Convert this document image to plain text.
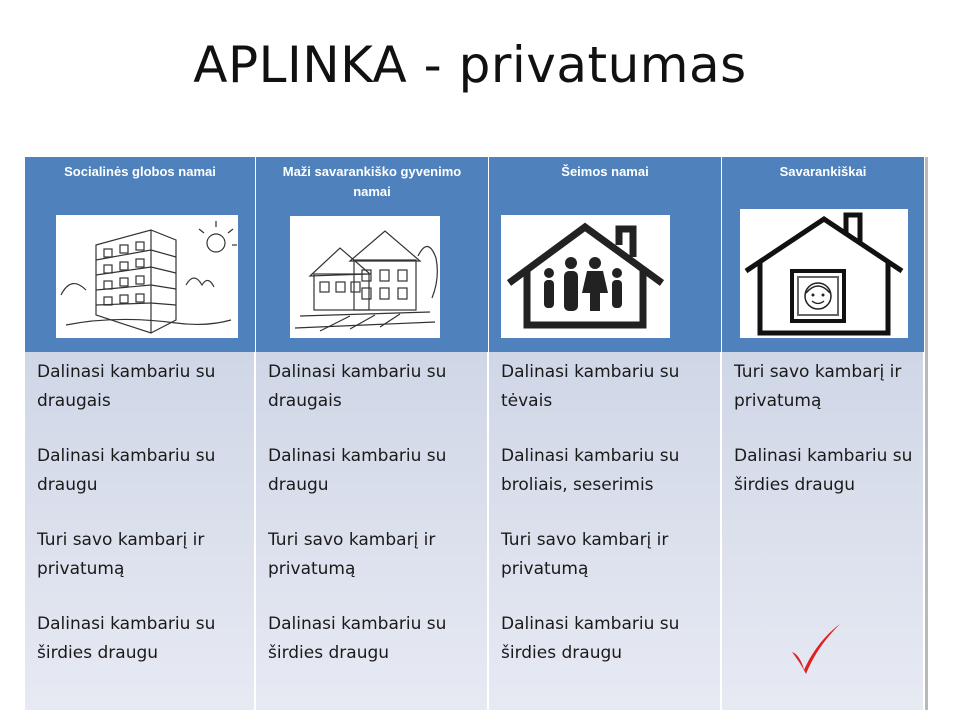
APLINKA - privatumas
Socialinės globos namai	Maži savarankiško gyvenimo namai
Šeimos namai	Savarankiškai

Dalinasi kambariu su draugais

Dalinasi kambariu su draugu

Turi savo kambarį ir privatumą

Dalinasi kambariu su širdies draugu

Dalinasi kambariu su draugais

Dalinasi kambariu su draugu

Turi savo kambarį ir privatumą

Dalinasi kambariu su širdies draugu

Dalinasi kambariu su tėvais

Dalinasi kambariu su broliais, seserimis

Turi savo kambarį ir privatumą

Dalinasi kambariu su širdies draugu

Turi savo kambarį ir privatumą

Dalinasi kambariu su širdies draugu
